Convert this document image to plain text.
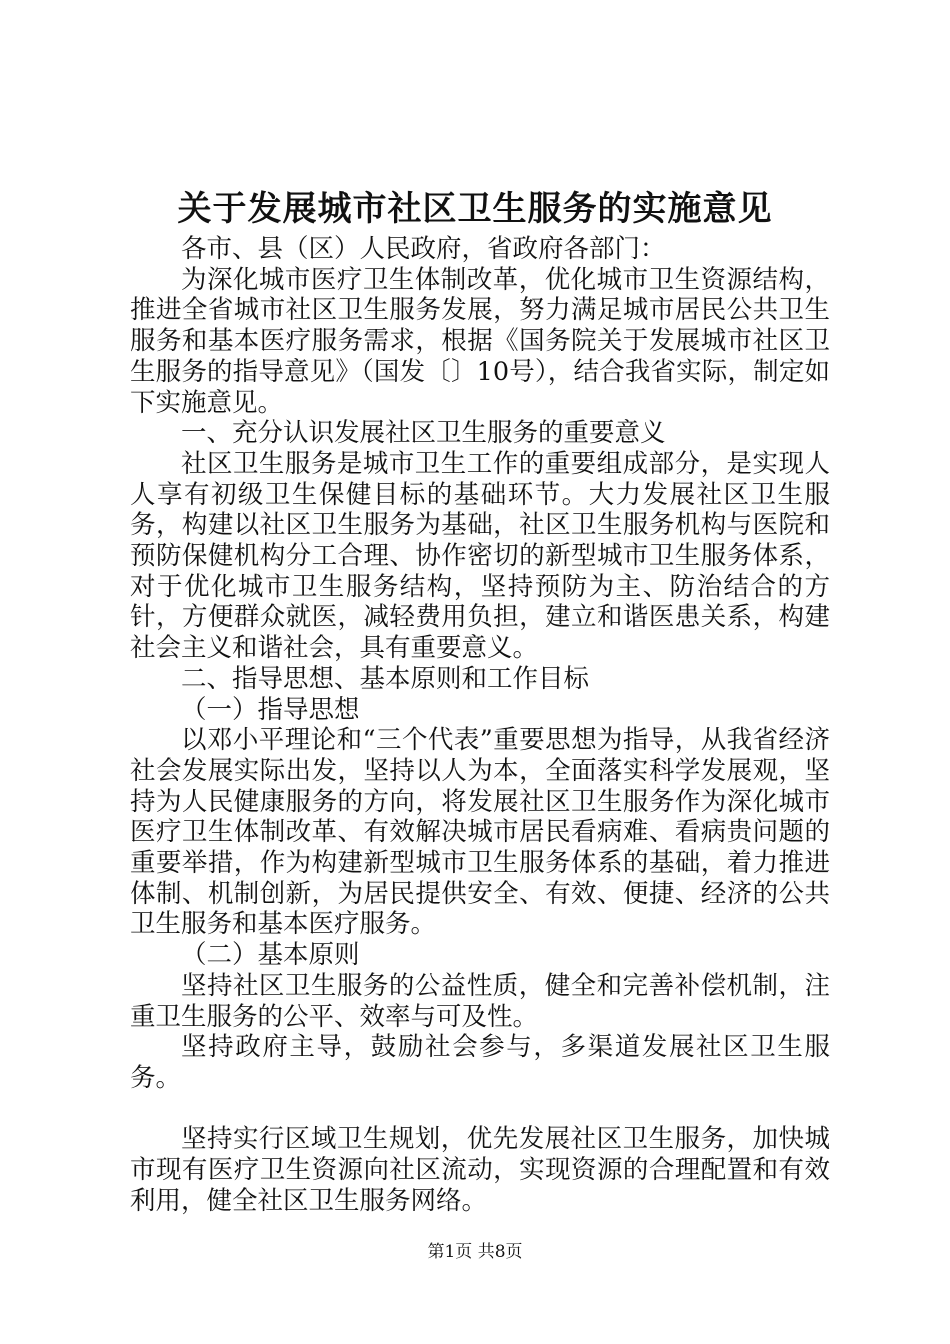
关于发展城市社区卫生服务的实施意见

各市、县（区）人民政府，省政府各部门：

为深化城市医疗卫生体制改革，优化城市卫生资源结构，推进全省城市社区卫生服务发展，努力满足城市居民公共卫生服务和基本医疗服务需求，根据《国务院关于发展城市社区卫生服务的指导意见》（国发〔〕10号），结合我省实际，制定如下实施意见。

一、充分认识发展社区卫生服务的重要意义

社区卫生服务是城市卫生工作的重要组成部分，是实现人人享有初级卫生保健目标的基础环节。大力发展社区卫生服务，构建以社区卫生服务为基础，社区卫生服务机构与医院和预防保健机构分工合理、协作密切的新型城市卫生服务体系，对于优化城市卫生服务结构，坚持预防为主、防治结合的方针，方便群众就医，减轻费用负担，建立和谐医患关系，构建社会主义和谐社会，具有重要意义。

二、指导思想、基本原则和工作目标

（一）指导思想

以邓小平理论和“三个代表”重要思想为指导，从我省经济社会发展实际出发，坚持以人为本，全面落实科学发展观，坚持为人民健康服务的方向，将发展社区卫生服务作为深化城市医疗卫生体制改革、有效解决城市居民看病难、看病贵问题的重要举措，作为构建新型城市卫生服务体系的基础，着力推进体制、机制创新，为居民提供安全、有效、便捷、经济的公共卫生服务和基本医疗服务。

（二）基本原则

坚持社区卫生服务的公益性质，健全和完善补偿机制，注重卫生服务的公平、效率与可及性。

坚持政府主导，鼓励社会参与，多渠道发展社区卫生服务。

坚持实行区域卫生规划，优先发展社区卫生服务，加快城市现有医疗卫生资源向社区流动，实现资源的合理配置和有效利用，健全社区卫生服务网络。

第1页 共8页
